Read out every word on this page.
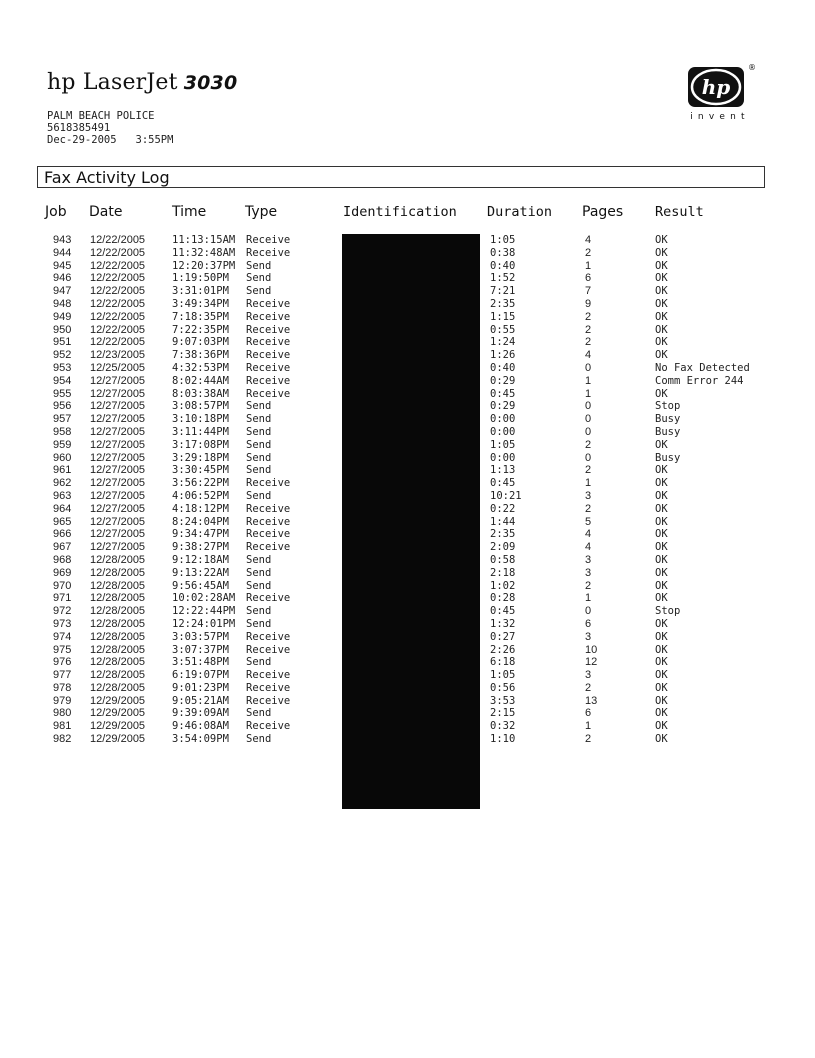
hp LaserJet 3030
PALM BEACH POLICE
5618385491
Dec-29-2005   3:55PM
hp
®
invent
Fax Activity Log
Job Date	Time	Type	Identification Duration Pages Result
943 12/22/2005	11:13:15AM Receive	1:05	4	OK
944 12/22/2005	11:32:48AM Receive	0:38	2	OK
945 12/22/2005	12:20:37PM Send	0:40	1	OK
946 12/22/2005	1:19:50PM Send	1:52	6	OK
947 12/22/2005	3:31:01PM Send	7:21	7	OK
948 12/22/2005	3:49:34PM Receive	2:35	9	OK
949 12/22/2005	7:18:35PM Receive	1:15	2	OK
950 12/22/2005	7:22:35PM Receive	0:55	2	OK
951 12/22/2005	9:07:03PM Receive	1:24	2	OK
952 12/23/2005	7:38:36PM Receive	1:26	4	OK
953 12/25/2005	4:32:53PM Receive	0:40	0	No Fax Detected
954 12/27/2005	8:02:44AM Receive	0:29	1	Comm Error 244
955 12/27/2005	8:03:38AM Receive	0:45	1	OK
956 12/27/2005	3:08:57PM Send	0:29	0	Stop
957 12/27/2005	3:10:18PM Send	0:00	0	Busy
958 12/27/2005	3:11:44PM Send	0:00	0	Busy
959 12/27/2005	3:17:08PM Send	1:05	2	OK
960 12/27/2005	3:29:18PM Send	0:00	0	Busy
961 12/27/2005	3:30:45PM Send	1:13	2	OK
962 12/27/2005	3:56:22PM Receive	0:45	1	OK
963 12/27/2005	4:06:52PM Send	10:21	3	OK
964 12/27/2005	4:18:12PM Receive	0:22	2	OK
965 12/27/2005	8:24:04PM Receive	1:44	5	OK
966 12/27/2005	9:34:47PM Receive	2:35	4	OK
967 12/27/2005	9:38:27PM Receive	2:09	4	OK
968 12/28/2005	9:12:18AM Send	0:58	3	OK
969 12/28/2005	9:13:22AM Send	2:18	3	OK
970 12/28/2005	9:56:45AM Send	1:02	2	OK
971 12/28/2005	10:02:28AM Receive	0:28	1	OK
972 12/28/2005	12:22:44PM Send	0:45	0	Stop
973 12/28/2005	12:24:01PM Send	1:32	6	OK
974 12/28/2005	3:03:57PM Receive	0:27	3	OK
975 12/28/2005	3:07:37PM Receive	2:26	10	OK
976 12/28/2005	3:51:48PM Send	6:18	12	OK
977 12/28/2005	6:19:07PM Receive	1:05	3	OK
978 12/28/2005	9:01:23PM Receive	0:56	2	OK
979 12/29/2005	9:05:21AM Receive	3:53	13	OK
980 12/29/2005	9:39:09AM Send	2:15	6	OK
981 12/29/2005	9:46:08AM Receive	0:32	1	OK
982 12/29/2005	3:54:09PM Send	1:10	2	OK
